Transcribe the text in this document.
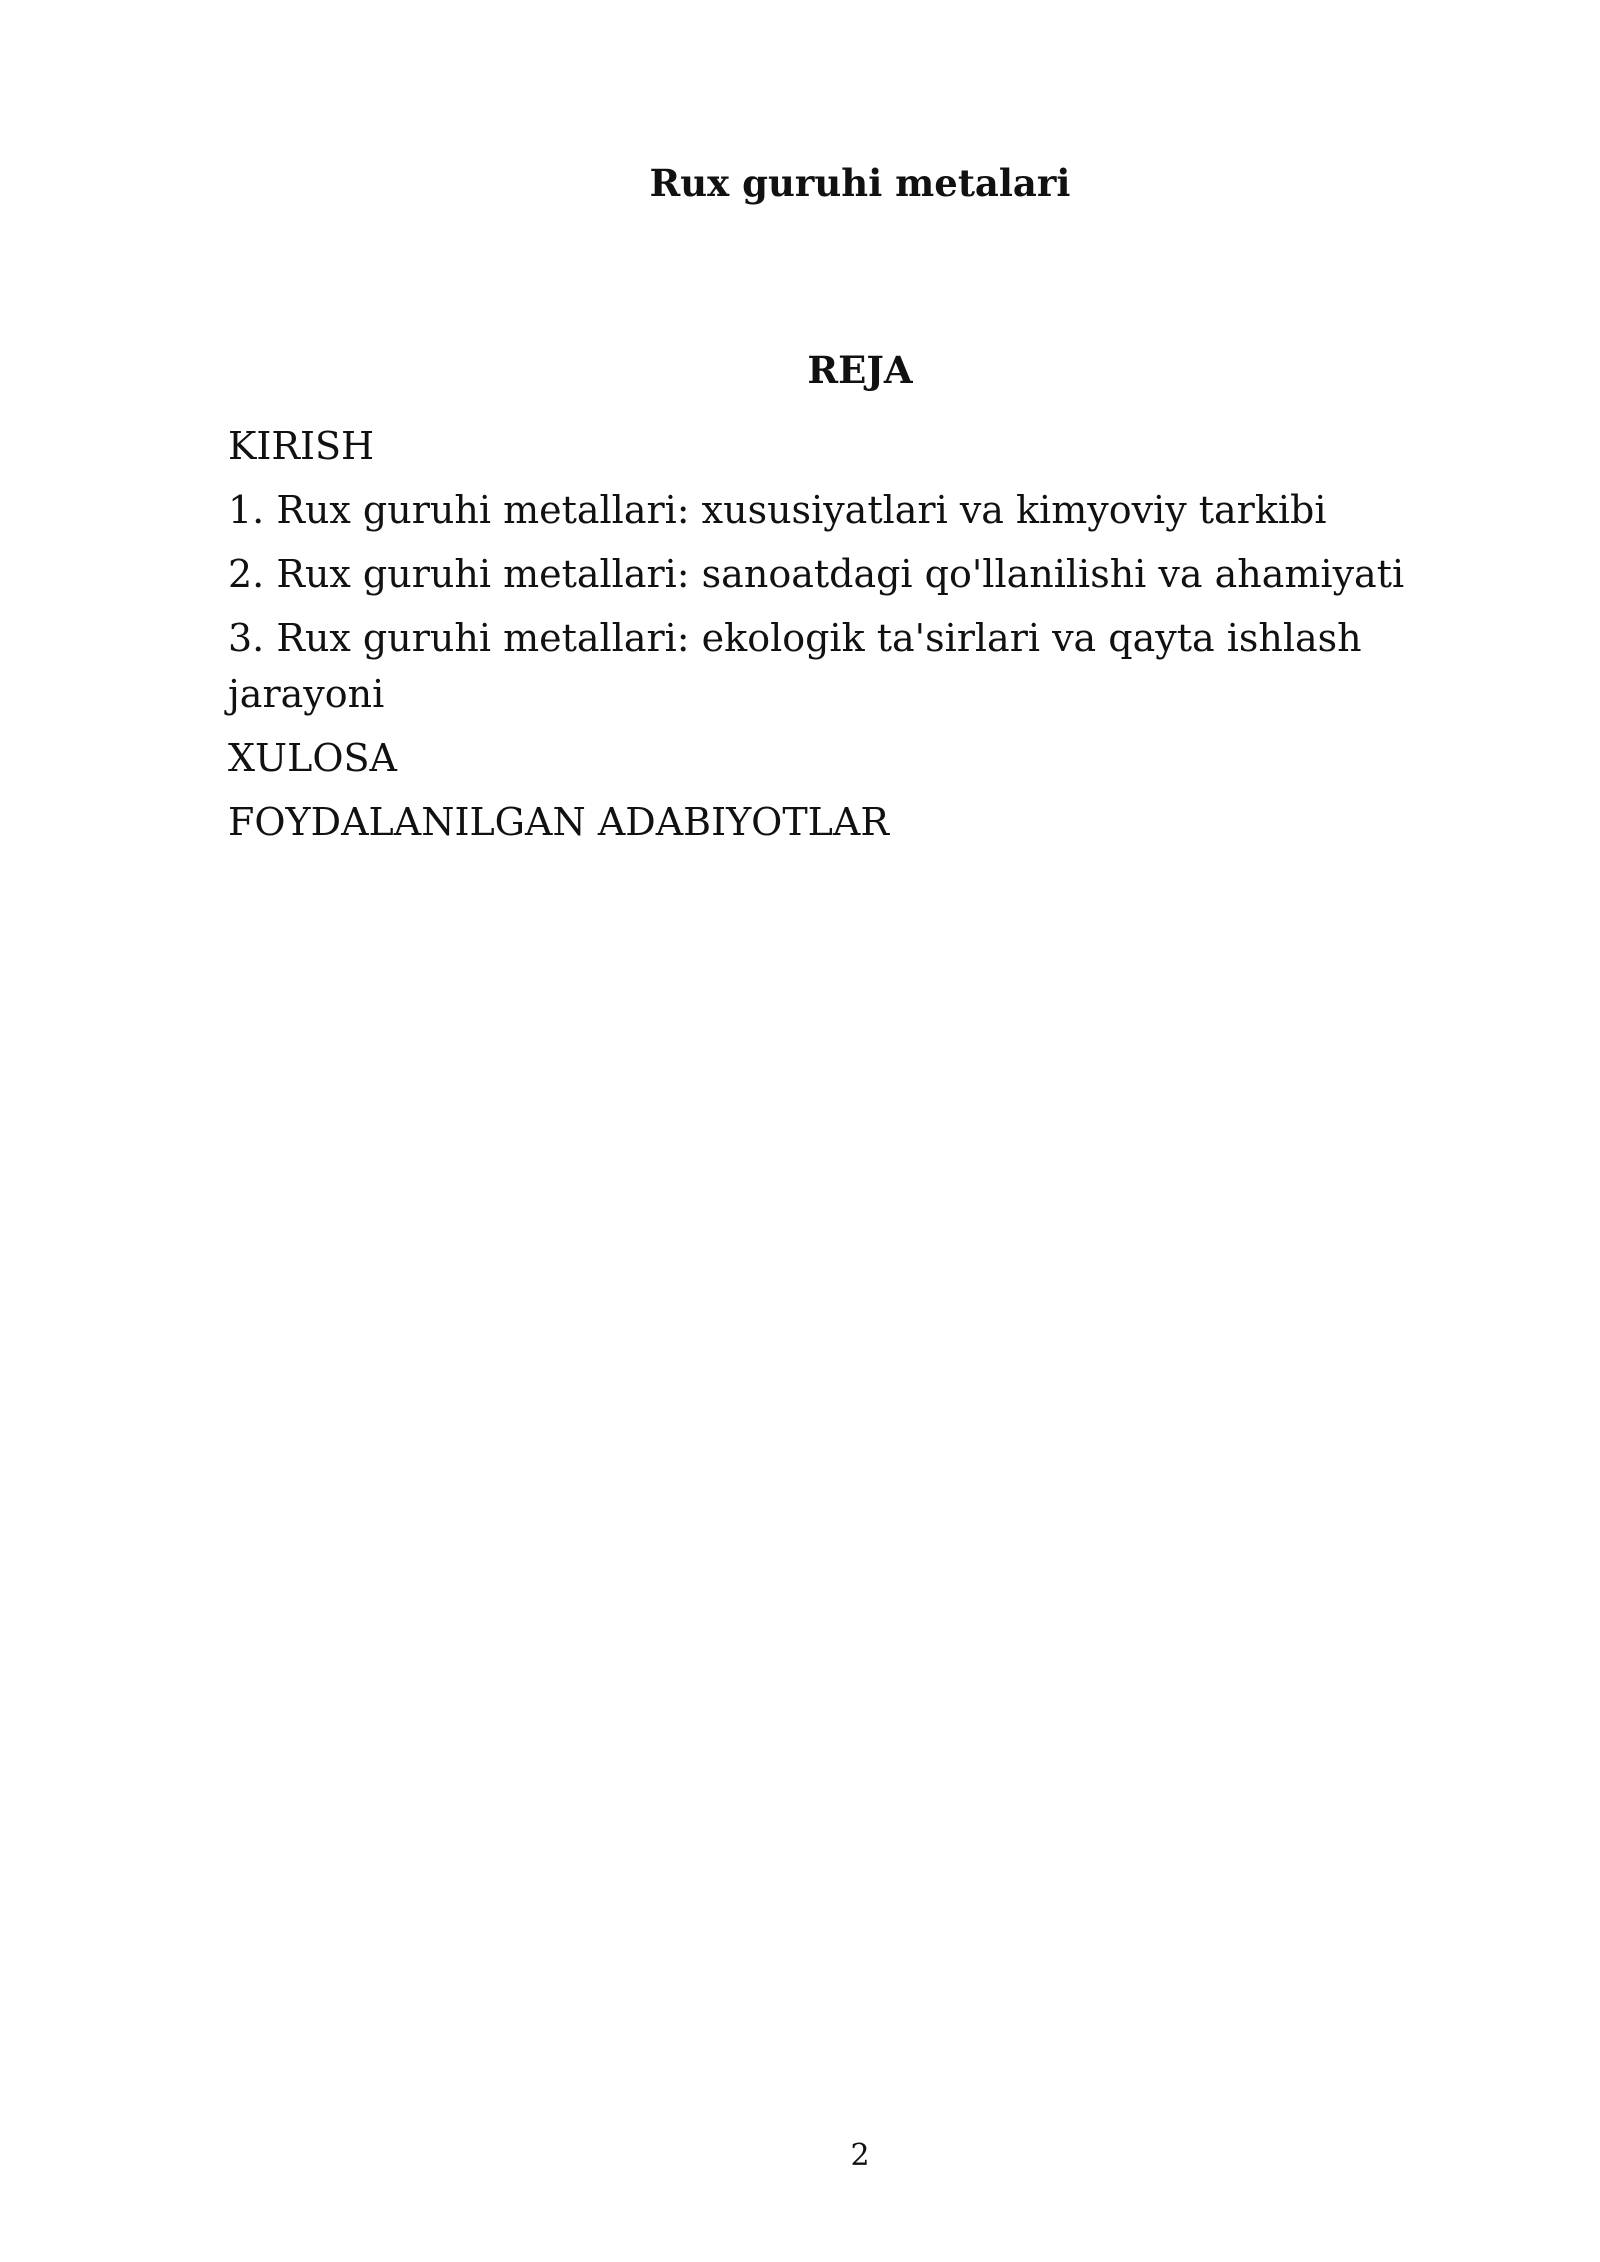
Rux guruhi metalari
REJA
KIRISH
1. Rux guruhi metallari: xususiyatlari va kimyoviy tarkibi
2. Rux guruhi metallari: sanoatdagi qo'llanilishi va ahamiyati
3. Rux guruhi metallari: ekologik ta'sirlari va qayta ishlash jarayoni
XULOSA
FOYDALANILGAN ADABIYOTLAR
2
